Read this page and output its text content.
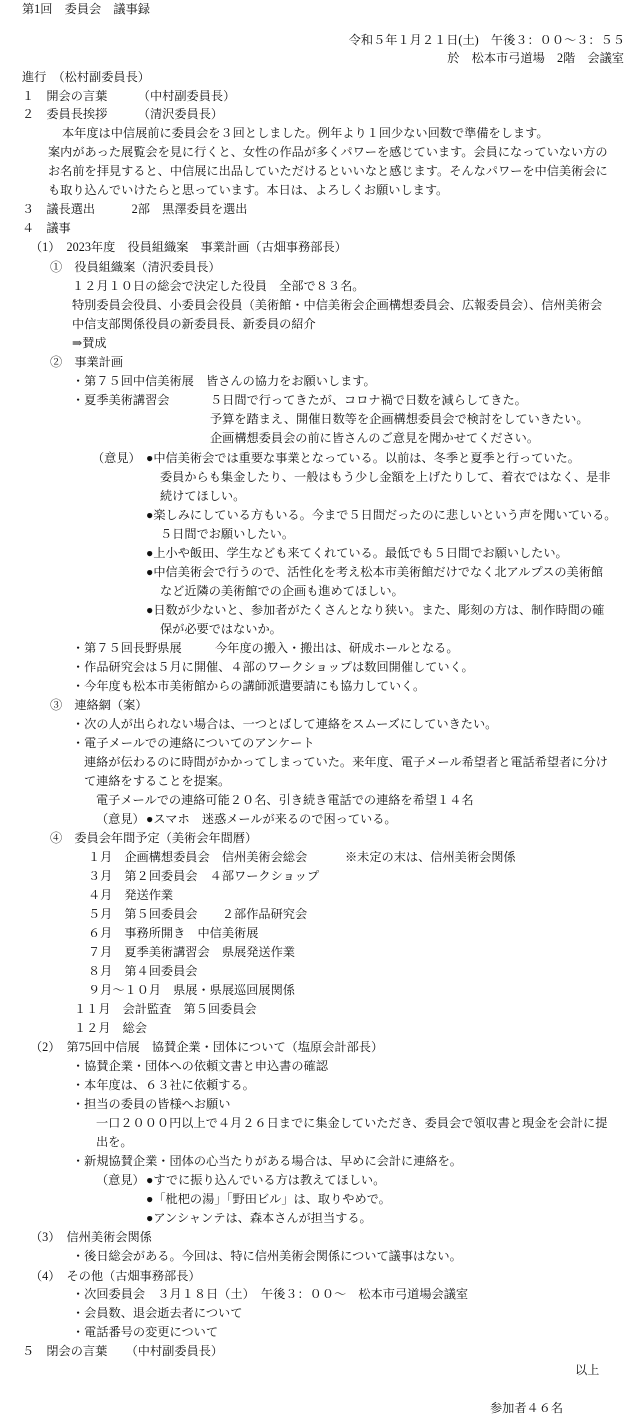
第1回　委員会　議事録
令和５年１月２１日(土)　午後３：００～３：５５
於　松本市弓道場　2階　会議室
進行　（松村副委員長）
１　開会の言葉　　　（中村副委員長）
２　委員長挨拶　　　（清沢委員長）
本年度は中信展前に委員会を３回としました。例年より１回少ない回数で準備をします。
案内があった展覧会を見に行くと、女性の作品が多くパワーを感じています。会員になっていない方の
お名前を拝見すると、中信展に出品していただけるといいなと感じます。そんなパワーを中信美術会に
も取り込んでいけたらと思っています。本日は、よろしくお願いします。
３　議長選出　　　2部　黒澤委員を選出
４　議事
（1）　2023年度　役員組織案　事業計画（古畑事務部長）
①　役員組織案（清沢委員長）
１２月１０日の総会で決定した役員　全部で８３名。
特別委員会役員、小委員会役員（美術館・中信美術会企画構想委員会、広報委員会）、信州美術会
中信支部関係役員の新委員長、新委員の紹介
⇒賛成
②　事業計画
・第７５回中信美術展　皆さんの協力をお願いします。
・夏季美術講習会	５日間で行ってきたが、コロナ禍で日数を減らしてきた。
予算を踏まえ、開催日数等を企画構想委員会で検討をしていきたい。
企画構想委員会の前に皆さんのご意見を聞かせてください。
（意見） ●中信美術会では重要な事業となっている。以前は、冬季と夏季と行っていた。
委員からも集金したり、一般はもう少し金額を上げたりして、着衣ではなく、是非
続けてほしい。
●楽しみにしている方もいる。今まで５日間だったのに悲しいという声を聞いている。
５日間でお願いしたい。
●上小や飯田、学生なども来てくれている。最低でも５日間でお願いしたい。
●中信美術会で行うので、活性化を考え松本市美術館だけでなく北アルプスの美術館
など近隣の美術館での企画も進めてほしい。
●日数が少ないと、参加者がたくさんとなり狭い。また、彫刻の方は、制作時間の確
保が必要ではないか。
・第７５回長野県展	今年度の搬入・搬出は、研成ホールとなる。
・作品研究会は５月に開催、４部のワークショップは数回開催していく。
・今年度も松本市美術館からの講師派遣要請にも協力していく。
③　連絡網（案）
・次の人が出られない場合は、一つとばして連絡をスムーズにしていきたい。
・電子メールでの連絡についてのアンケート
連絡が伝わるのに時間がかかってしまっていた。来年度、電子メール希望者と電話希望者に分け
て連絡をすることを提案。
電子メールでの連絡可能２０名、引き続き電話での連絡を希望１４名
（意見） ●スマホ　迷惑メールが来るので困っている。
④　委員会年間予定（美術会年間暦）
１月 企画構想委員会　信州美術会総会	※未定の末は、信州美術会関係
３月 第２回委員会　４部ワークショップ
４月 発送作業
５月 第５回委員会　　２部作品研究会
６月 事務所開き　中信美術展
７月 夏季美術講習会　県展発送作業
８月 第４回委員会
９月～１０月 県展・県展巡回展関係
１１月 会計監査　第５回委員会
１２月 総会
（2）　第75回中信展　協賛企業・団体について（塩原会計部長）
・協賛企業・団体への依頼文書と申込書の確認
・本年度は、６３社に依頼する。
・担当の委員の皆様へお願い
一口２０００円以上で４月２６日までに集金していただき、委員会で領収書と現金を会計に提
出を。
・新規協賛企業・団体の心当たりがある場合は、早めに会計に連絡を。
（意見） ●すでに振り込んでいる方は教えてほしい。
●「枇杷の湯」「野田ビル」は、取りやめで。
●アンシャンテは、森本さんが担当する。
（3）　信州美術会関係
・後日総会がある。今回は、特に信州美術会関係について議事はない。
（4）　その他（古畑事務部長）
・次回委員会　３月１８日（土）　午後３：００～　松本市弓道場会議室
・会員数、退会逝去者について
・電話番号の変更について
５　閉会の言葉　　（中村副委員長）
以上
参加者４６名
